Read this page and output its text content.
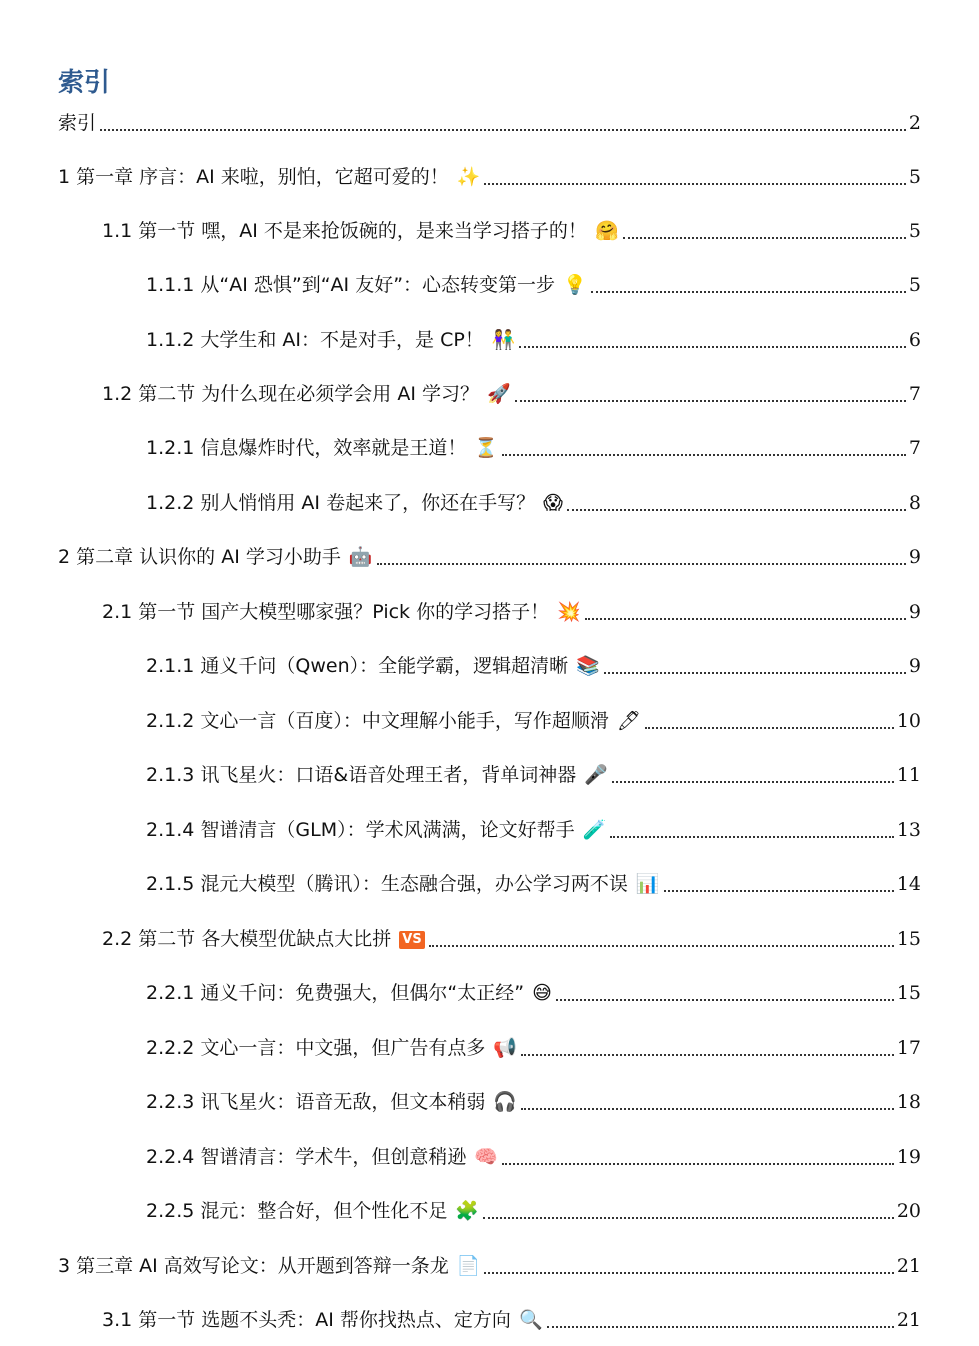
索引
索引	2
1 第一章 序言：AI 来啦，别怕，它超可爱的！ ✨	5
1.1 第一节 嘿，AI 不是来抢饭碗的，是来当学习搭子的！ 🤗	5
1.1.1 从“AI 恐惧”到“AI 友好”：心态转变第一步 💡	5
1.1.2 大学生和 AI：不是对手，是 CP！ 👫	6
1.2 第二节 为什么现在必须学会用 AI 学习？ 🚀	7
1.2.1 信息爆炸时代，效率就是王道！ ⏳	7
1.2.2 别人悄悄用 AI 卷起来了，你还在手写？ 😱	8
2 第二章 认识你的 AI 学习小助手 🤖	9
2.1 第一节 国产大模型哪家强？Pick 你的学习搭子！ 💥	9
2.1.1 通义千问（Qwen）：全能学霸，逻辑超清晰 📚	9
2.1.2 文心一言（百度）：中文理解小能手，写作超顺滑 🖊	10
2.1.3 讯飞星火：口语&语音处理王者，背单词神器 🎤	11
2.1.4 智谱清言（GLM）：学术风满满，论文好帮手 🧪	13
2.1.5 混元大模型（腾讯）：生态融合强，办公学习两不误 📊	14
2.2 第二节 各大模型优缺点大比拼 VS	15
2.2.1 通义千问：免费强大，但偶尔“太正经” 😅	15
2.2.2 文心一言：中文强，但广告有点多 📢	17
2.2.3 讯飞星火：语音无敌，但文本稍弱 🎧	18
2.2.4 智谱清言：学术牛，但创意稍逊 🧠	19
2.2.5 混元：整合好，但个性化不足 🧩	20
3 第三章 AI 高效写论文：从开题到答辩一条龙 📄	21
3.1 第一节 选题不头秃：AI 帮你找热点、定方向 🔍	21
